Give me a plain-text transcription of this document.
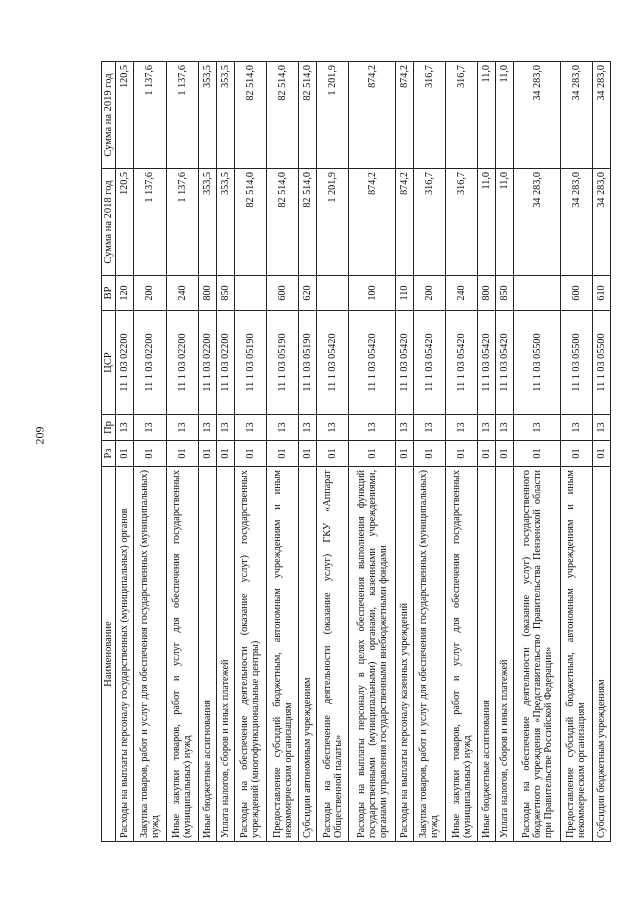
209
Наименование	Рз	Пр	ЦСР	ВР	Сумма на 2018 год	Сумма на 2019 год
Расходы на выплаты персоналу государственных (муниципальных) органов	01	13	11 1 03 02200	120	120,5	120,5
Закупка товаров, работ и услуг для обеспечения государственных (муниципальных) нужд	01	13	11 1 03 02200	200	1 137,6	1 137,6
Иные закупки товаров, работ и услуг для обеспечения государственных (муниципальных) нужд	01	13	11 1 03 02200	240	1 137,6	1 137,6
Иные бюджетные ассигнования	01	13	11 1 03 02200	800	353,5	353,5
Уплата налогов, сборов и иных платежей	01	13	11 1 03 02200	850	353,5	353,5
Расходы на обеспечение деятельности (оказание услуг) государственных учреждений (многофункциональные центры)	01	13	11 1 03 05190		82 514,0	82 514,0
Предоставление субсидий бюджетным, автономным учреждениям и иным некоммерческим организациям	01	13	11 1 03 05190	600	82 514,0	82 514,0
Субсидии автономным учреждениям	01	13	11 1 03 05190	620	82 514,0	82 514,0
Расходы на обеспечение деятельности (оказание услуг) ГКУ «Аппарат Общественной палаты»	01	13	11 1 03 05420		1 201,9	1 201,9
Расходы на выплаты персоналу в целях обеспечения выполнения функций государственными (муниципальными) органами, казенными учреждениями, органами управления государственными внебюджетными фондами	01	13	11 1 03 05420	100	874,2	874,2
Расходы на выплаты персоналу казенных учреждений	01	13	11 1 03 05420	110	874,2	874,2
Закупка товаров, работ и услуг для обеспечения государственных (муниципальных) нужд	01	13	11 1 03 05420	200	316,7	316,7
Иные закупки товаров, работ и услуг для обеспечения государственных (муниципальных) нужд	01	13	11 1 03 05420	240	316,7	316,7
Иные бюджетные ассигнования	01	13	11 1 03 05420	800	11,0	11,0
Уплата налогов, сборов и иных платежей	01	13	11 1 03 05420	850	11,0	11,0
Расходы на обеспечение деятельности (оказание услуг) государственного бюджетного учреждения «Представительство Правительства Пензенской области при Правительстве Российской Федерации»	01	13	11 1 03 05500		34 283,0	34 283,0
Предоставление субсидий бюджетным, автономным учреждениям и иным некоммерческим организациям	01	13	11 1 03 05500	600	34 283,0	34 283,0
Субсидии бюджетным учреждениям	01	13	11 1 03 05500	610	34 283,0	34 283,0
